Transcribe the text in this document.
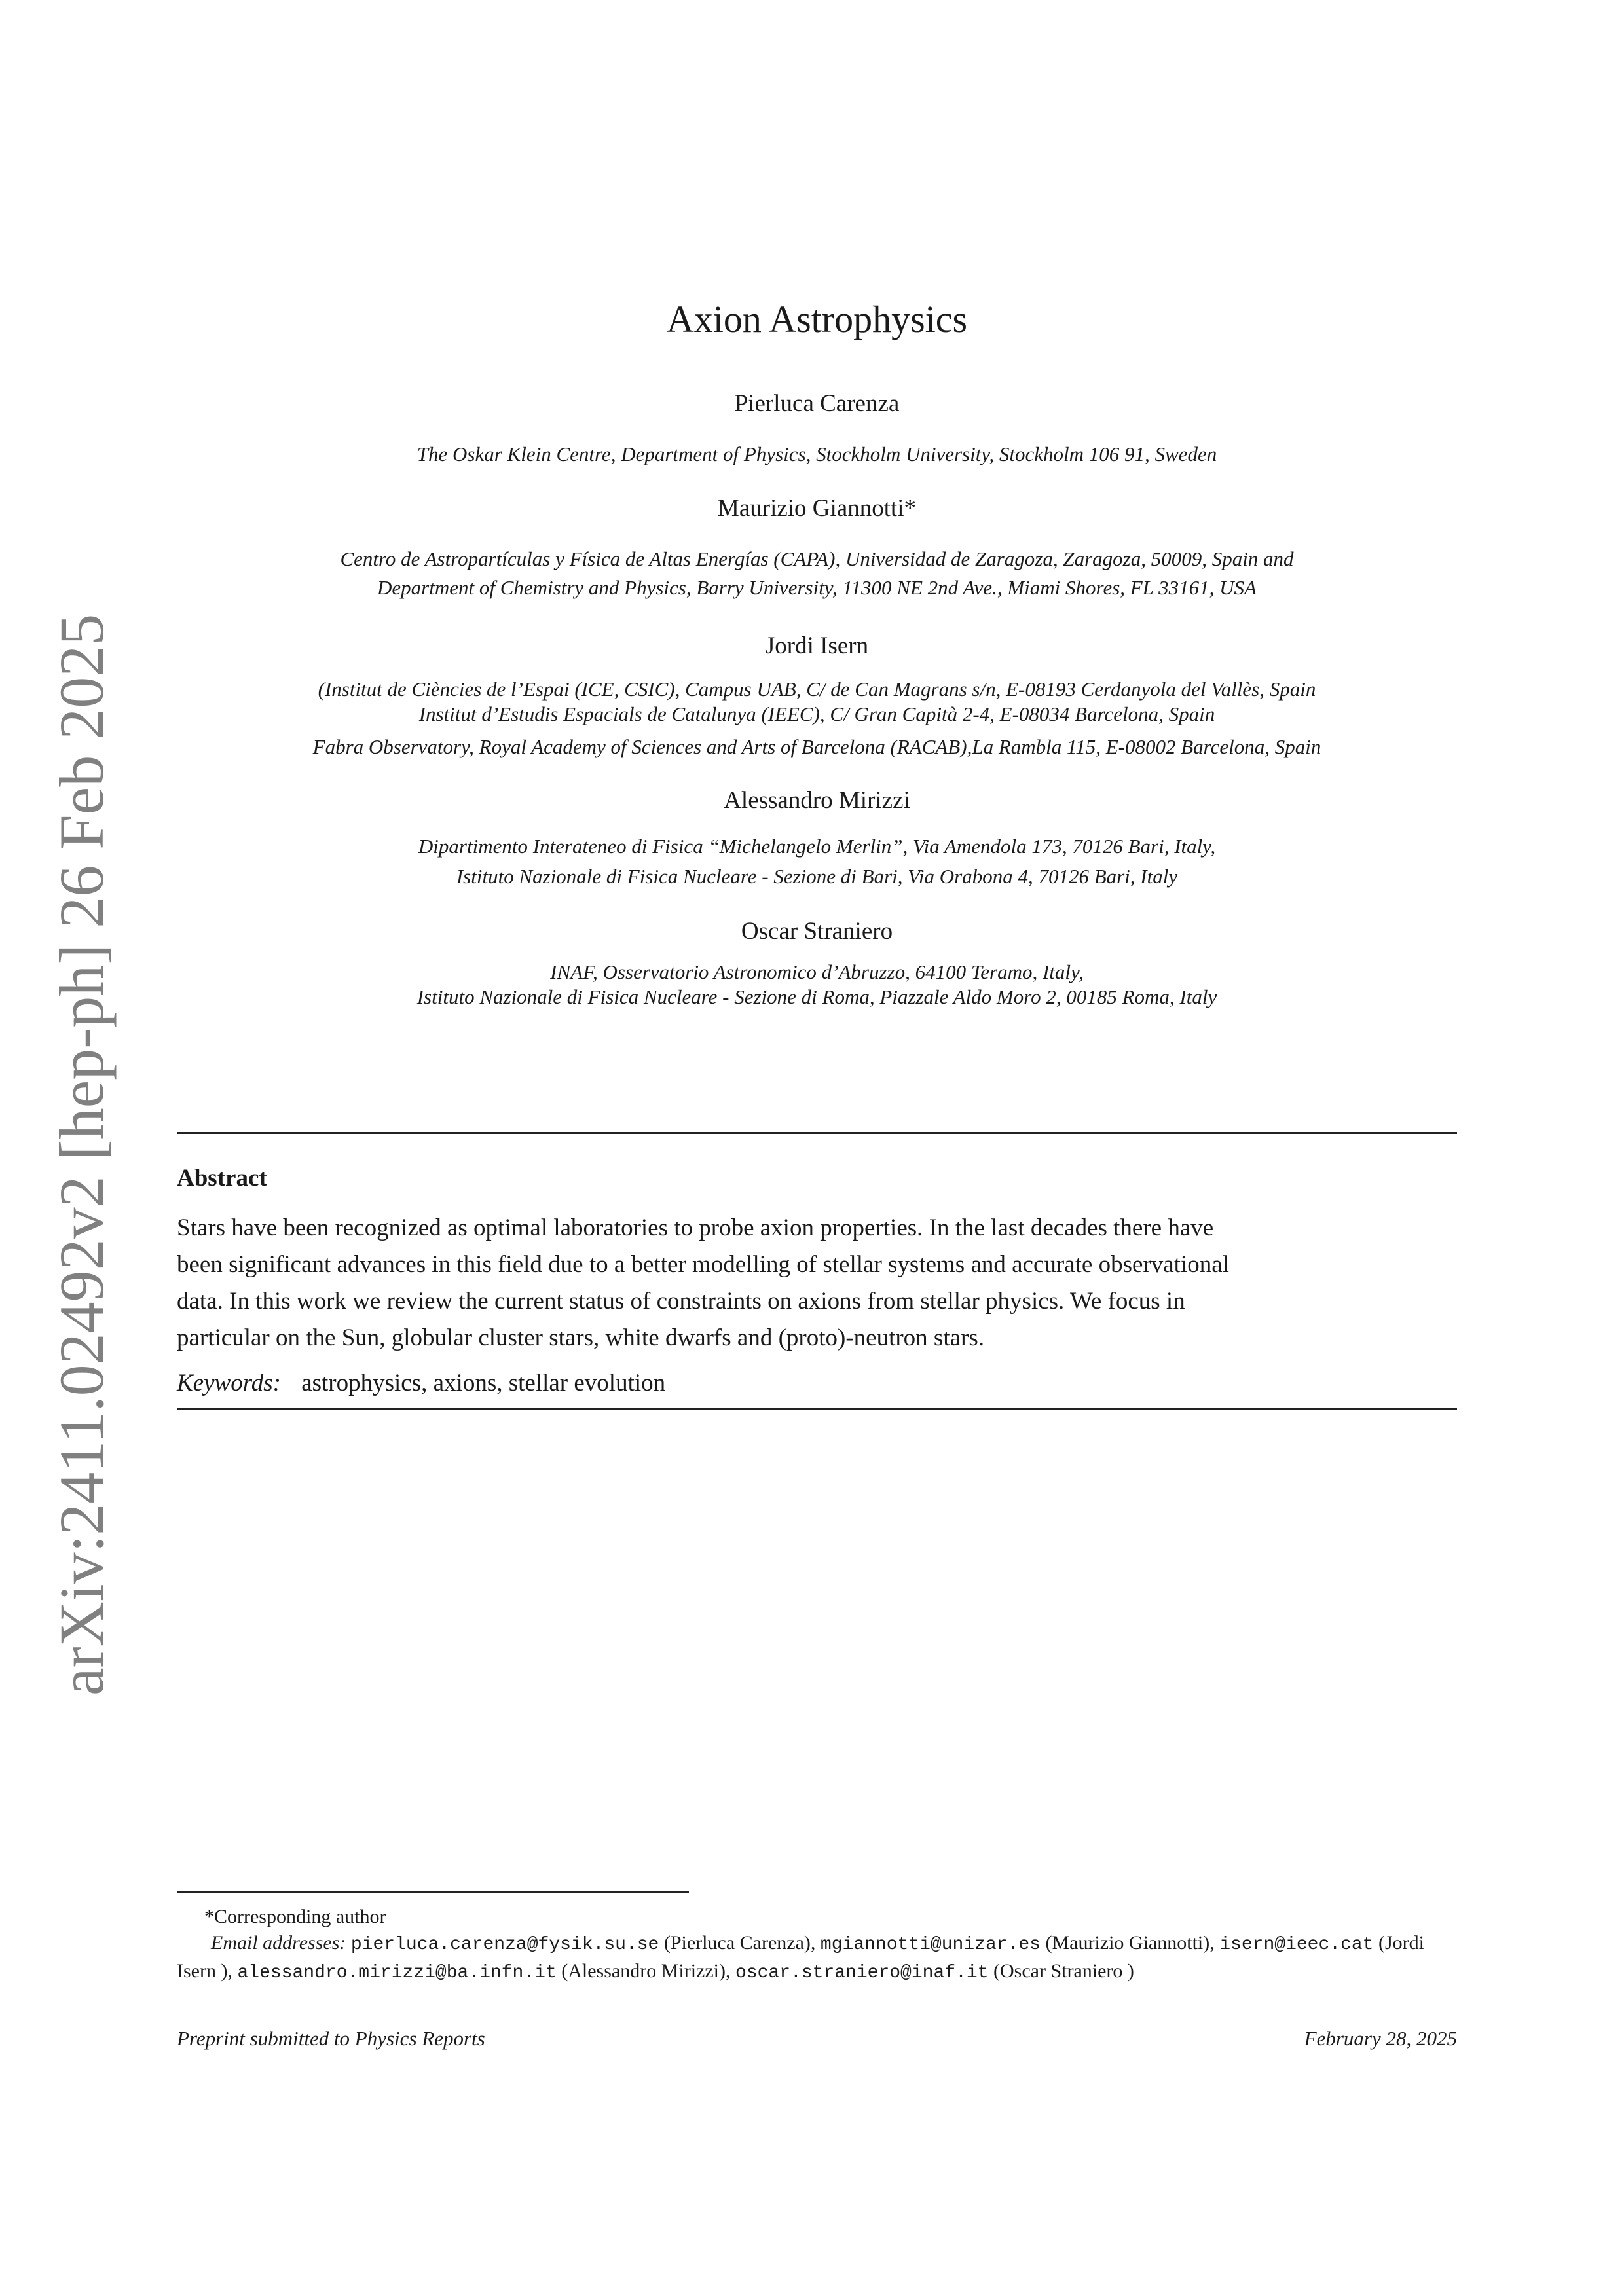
arXiv:2411.02492v2 [hep-ph] 26 Feb 2025
Axion Astrophysics
Pierluca Carenza
The Oskar Klein Centre, Department of Physics, Stockholm University, Stockholm 106 91, Sweden
Maurizio Giannotti*
Centro de Astropartículas y Física de Altas Energías (CAPA), Universidad de Zaragoza, Zaragoza, 50009, Spain and
Department of Chemistry and Physics, Barry University, 11300 NE 2nd Ave., Miami Shores, FL 33161, USA
Jordi Isern
(Institut de Ciències de l’Espai (ICE, CSIC), Campus UAB, C/ de Can Magrans s/n, E-08193 Cerdanyola del Vallès, Spain
Institut d’Estudis Espacials de Catalunya (IEEC), C/ Gran Capità 2-4, E-08034 Barcelona, Spain
Fabra Observatory, Royal Academy of Sciences and Arts of Barcelona (RACAB),La Rambla 115, E-08002 Barcelona, Spain
Alessandro Mirizzi
Dipartimento Interateneo di Fisica “Michelangelo Merlin”, Via Amendola 173, 70126 Bari, Italy,
Istituto Nazionale di Fisica Nucleare - Sezione di Bari, Via Orabona 4, 70126 Bari, Italy
Oscar Straniero
INAF, Osservatorio Astronomico d’Abruzzo, 64100 Teramo, Italy,
Istituto Nazionale di Fisica Nucleare - Sezione di Roma, Piazzale Aldo Moro 2, 00185 Roma, Italy
Abstract
Stars have been recognized as optimal laboratories to probe axion properties. In the last decades there have
been significant advances in this field due to a better modelling of stellar systems and accurate observational
data. In this work we review the current status of constraints on axions from stellar physics. We focus in
particular on the Sun, globular cluster stars, white dwarfs and (proto)-neutron stars.
Keywords: astrophysics, axions, stellar evolution
*Corresponding author
Email addresses: pierluca.carenza@fysik.su.se (Pierluca Carenza), mgiannotti@unizar.es (Maurizio Giannotti), isern@ieec.cat (Jordi Isern ), alessandro.mirizzi@ba.infn.it (Alessandro Mirizzi), oscar.straniero@inaf.it (Oscar Straniero )
Preprint submitted to Physics Reports	February 28, 2025
